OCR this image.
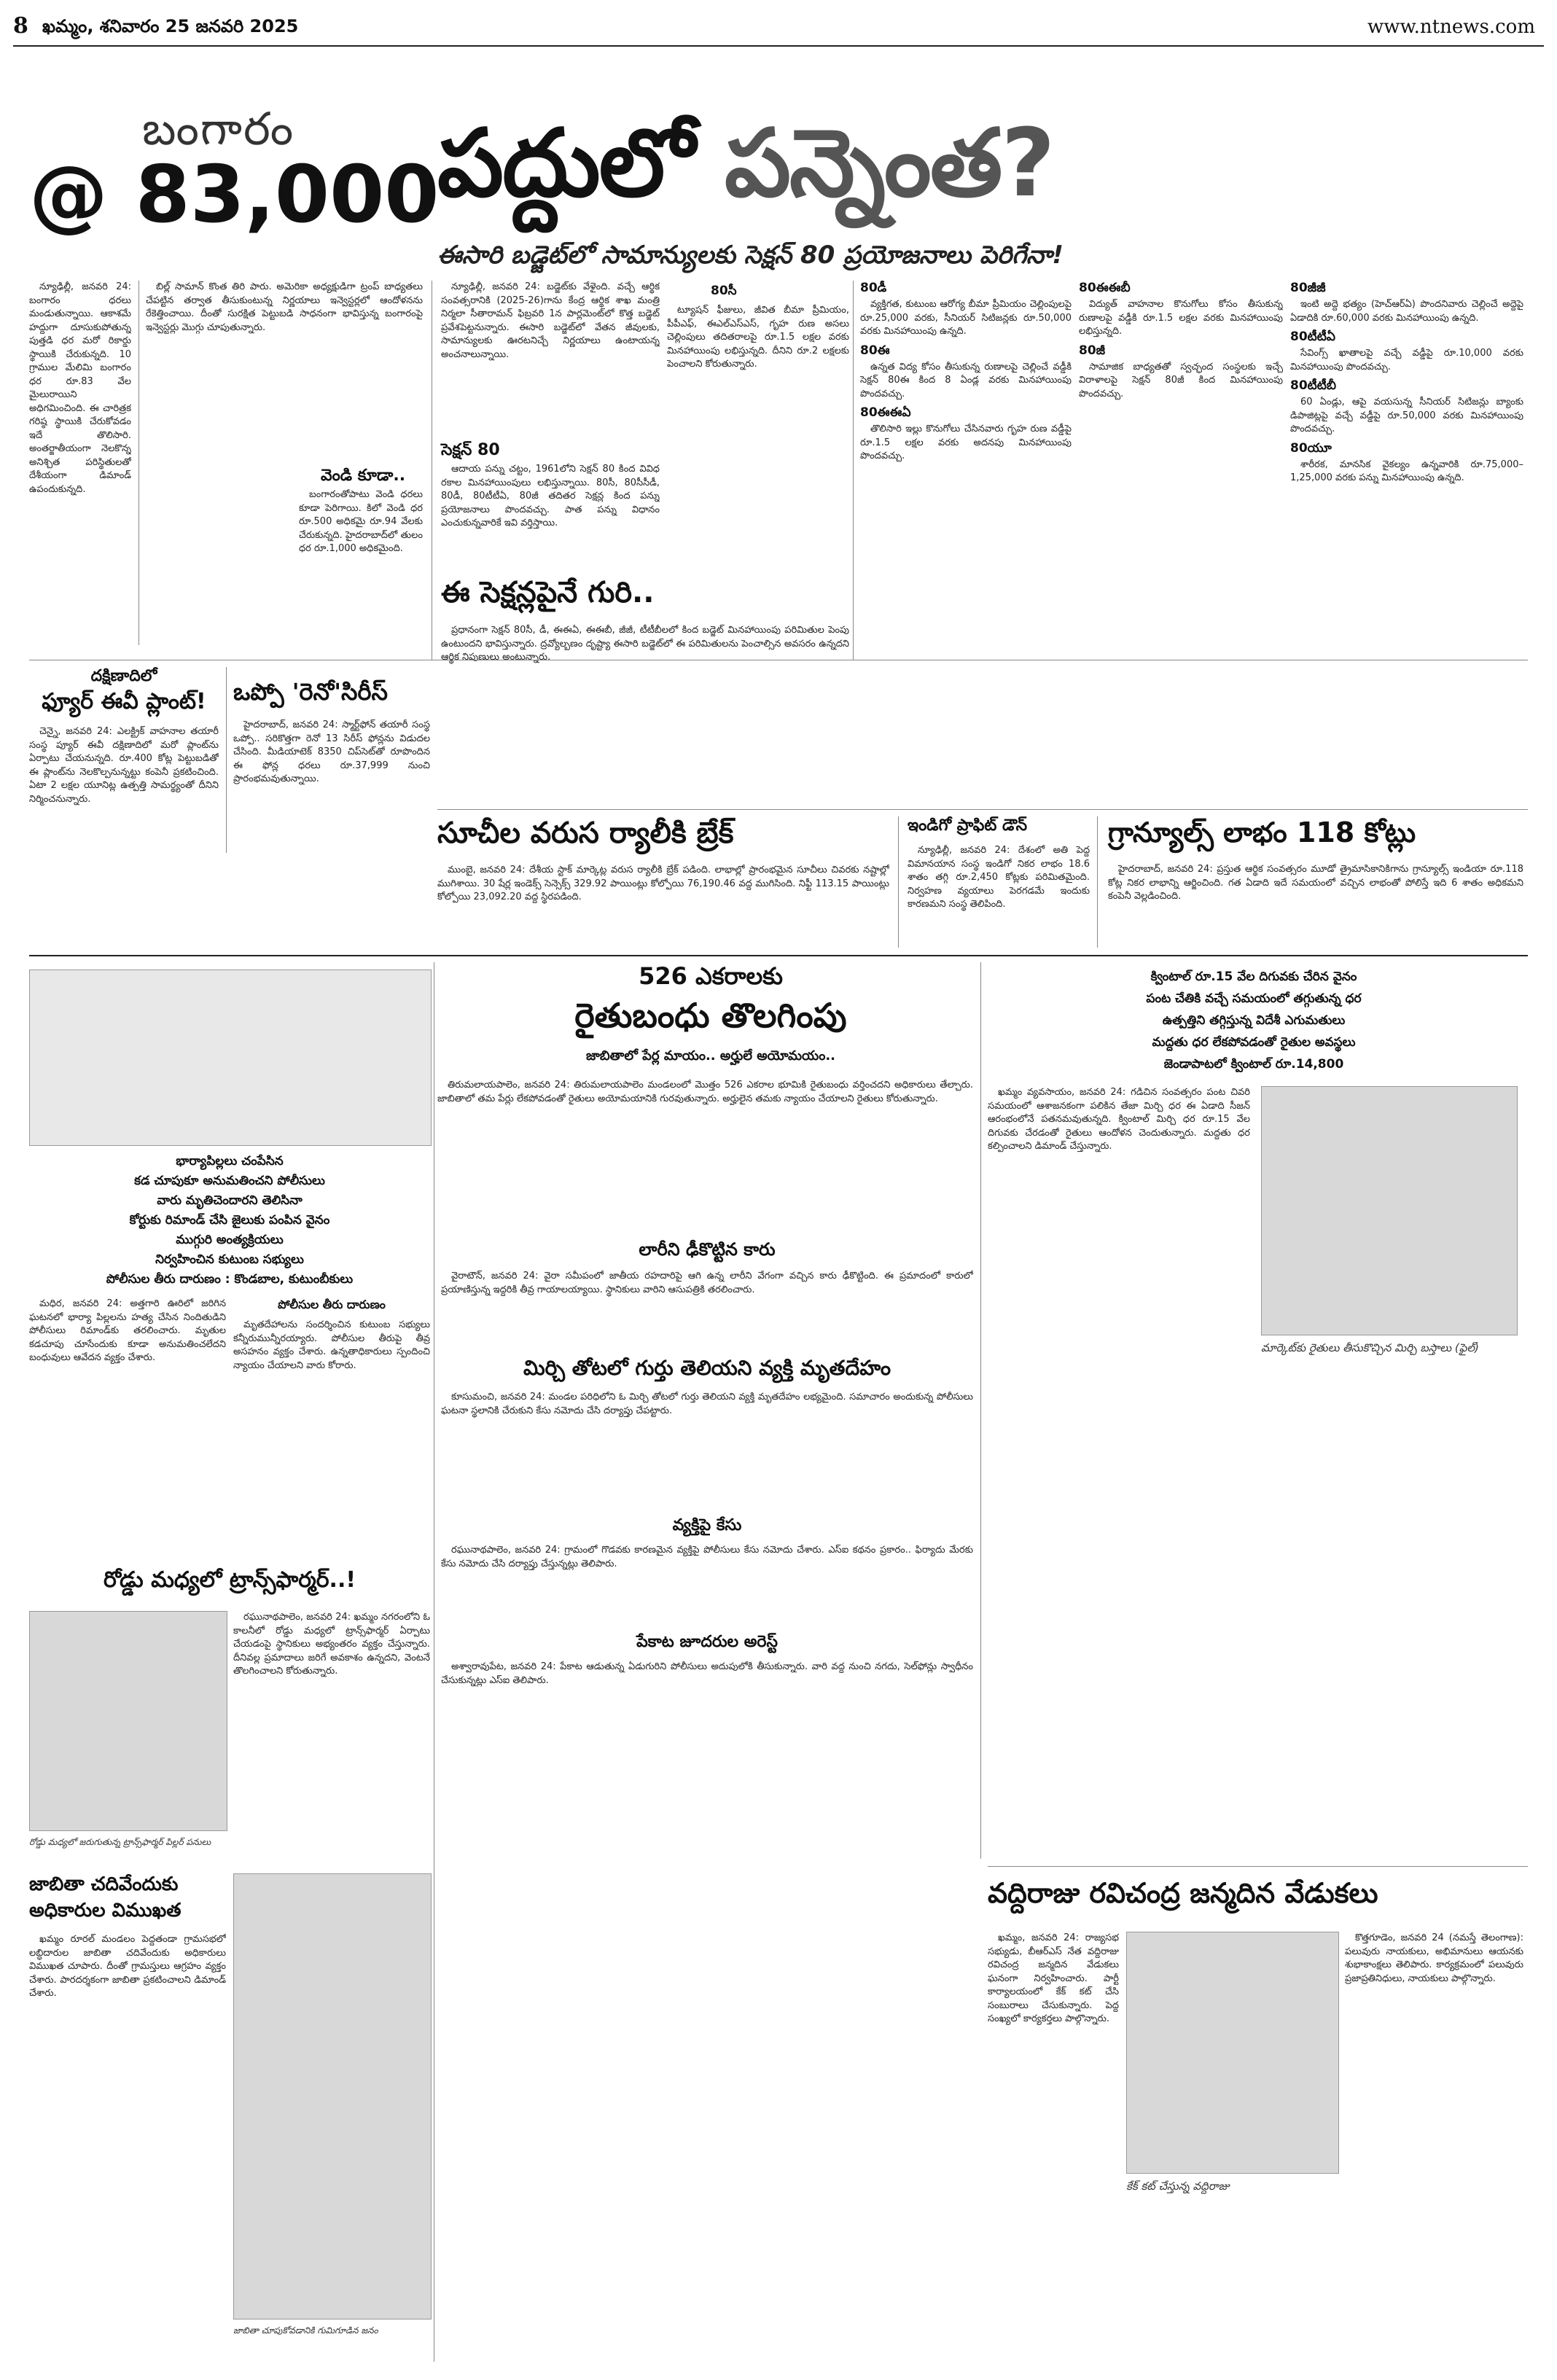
8 ఖమ్మం, శనివారం 25 జనవరి 2025	www.ntnews.com
బంగారం
@ 83,000
పద్దులో పన్నెంత?
ఈసారి బడ్జెట్‌లో సామాన్యులకు సెక్షన్ 80 ప్రయోజనాలు పెరిగేనా!

న్యూఢిల్లీ, జనవరి 24: బంగారం ధరలు మండుతున్నాయి. ఆకాశమే హద్దుగా దూసుకుపోతున్న పుత్తడి ధర మరో రికార్డు స్థాయికి చేరుకున్నది. 10 గ్రాముల మేలిమి బంగారం ధర రూ.83 వేల మైలురాయిని అధిగమించింది. ఈ చారిత్రక గరిష్ఠ స్థాయికి చేరుకోవడం ఇదే తొలిసారి. అంతర్జాతీయంగా నెలకొన్న అనిశ్చిత పరిస్థితులతో దేశీయంగా డిమాండ్ ఉపందుకున్నది.

బిల్ల్‌ సామాన్ కొంత తిరి పారు. అమెరికా అధ్యక్షుడిగా ట్రంప్ బాధ్యతలు చేపట్టిన తర్వాత తీసుకుంటున్న నిర్ణయాలు ఇన్వెస్టర్లలో ఆందోళనను రేకెత్తించాయి. దీంతో సురక్షిత పెట్టుబడి సాధనంగా భావిస్తున్న బంగారంపై ఇన్వెస్టర్లు మొగ్గు చూపుతున్నారు.

వెండి కూడా..

బంగారంతోపాటు వెండి ధరలు కూడా పెరిగాయి. కిలో వెండి ధర రూ.500 అధికమై రూ.94 వేలకు చేరుకున్నది. హైదరాబాద్‌లో తులం ధర రూ.1,000 అధికమైంది.

న్యూఢిల్లీ, జనవరి 24: బడ్జెట్‌కు వేళైంది. వచ్చే ఆర్థిక సంవత్సరానికి (2025-26)గాను కేంద్ర ఆర్థిక శాఖ మంత్రి నిర్మలా సీతారామన్ ఫిబ్రవరి 1న పార్లమెంట్‌లో కొత్త బడ్జెట్ ప్రవేశపెట్టనున్నారు. ఈసారి బడ్జెట్‌లో వేతన జీవులకు, సామాన్యులకు ఊరటనిచ్చే నిర్ణయాలు ఉంటాయన్న అంచనాలున్నాయి.

సెక్షన్ 80

ఆదాయ పన్ను చట్టం, 1961లోని సెక్షన్ 80 కింద వివిధ రకాల మినహాయింపులు లభిస్తున్నాయి. 80సీ, 80సీసీడీ, 80డీ, 80టీటీఏ, 80జీ తదితర సెక్షన్ల కింద పన్ను ప్రయోజనాలు పొందవచ్చు. పాత పన్ను విధానం ఎంచుకున్నవారికే ఇవి వర్తిస్తాయి.

80సీ

ట్యూషన్ ఫీజులు, జీవిత బీమా ప్రీమియం, పీపీఎఫ్, ఈఎల్‌ఎస్‌ఎస్, గృహ రుణ అసలు చెల్లింపులు తదితరాలపై రూ.1.5 లక్షల వరకు మినహాయింపు లభిస్తున్నది. దీనిని రూ.2 లక్షలకు పెంచాలని కోరుతున్నారు.

ఈ సెక్షన్లపైనే గురి..

ప్రధానంగా సెక్షన్ 80సీ, డీ, ఈఈఏ, ఈఈబీ, జీజీ, టీటీబీలలో కింద బడ్జెట్ మినహాయింపు పరిమితుల పెంపు ఉంటుందని భావిస్తున్నారు. ద్రవ్యోల్బణం దృష్ట్యా ఈసారి బడ్జెట్‌లో ఈ పరిమితులను పెంచాల్సిన అవసరం ఉన్నదని ఆర్థిక నిపుణులు అంటున్నారు.

80డీ

వ్యక్తిగత, కుటుంబ ఆరోగ్య బీమా ప్రీమియం చెల్లింపులపై రూ.25,000 వరకు, సీనియర్ సిటిజన్లకు రూ.50,000 వరకు మినహాయింపు ఉన్నది.

80ఈ

ఉన్నత విద్య కోసం తీసుకున్న రుణాలపై చెల్లించే వడ్డీకి సెక్షన్ 80ఈ కింద 8 ఏండ్ల వరకు మినహాయింపు పొందవచ్చు.

80ఈఈఏ

తొలిసారి ఇల్లు కొనుగోలు చేసినవారు గృహ రుణ వడ్డీపై రూ.1.5 లక్షల వరకు అదనపు మినహాయింపు పొందవచ్చు.

80ఈఈబీ

విద్యుత్ వాహనాల కొనుగోలు కోసం తీసుకున్న రుణాలపై వడ్డీకి రూ.1.5 లక్షల వరకు మినహాయింపు లభిస్తున్నది.

80జీ

సామాజిక బాధ్యతతో స్వచ్ఛంద సంస్థలకు ఇచ్చే విరాళాలపై సెక్షన్ 80జీ కింద మినహాయింపు పొందవచ్చు.

80జీజీ

ఇంటి అద్దె భత్యం (హెచ్‌ఆర్‌ఏ) పొందనివారు చెల్లించే అద్దెపై ఏడాదికి రూ.60,000 వరకు మినహాయింపు ఉన్నది.

80టీటీఏ

సేవింగ్స్ ఖాతాలపై వచ్చే వడ్డీపై రూ.10,000 వరకు మినహాయింపు పొందవచ్చు.

80టీటీబీ

60 ఏండ్లు, ఆపై వయసున్న సీనియర్ సిటిజన్లు బ్యాంకు డిపాజిట్లపై వచ్చే వడ్డీపై రూ.50,000 వరకు మినహాయింపు పొందవచ్చు.

80యూ

శారీరక, మానసిక వైకల్యం ఉన్నవారికి రూ.75,000–1,25,000 వరకు పన్ను మినహాయింపు ఉన్నది.

దక్షిణాదిలో
ఫ్యూర్ ఈవీ ప్లాంట్!

చెన్నై, జనవరి 24: ఎలక్ట్రిక్ వాహనాల తయారీ సంస్థ ప్యూర్ ఈవీ దక్షిణాదిలో మరో ప్లాంట్‌ను ఏర్పాటు చేయనున్నది. రూ.400 కోట్ల పెట్టుబడితో ఈ ప్లాంట్‌ను నెలకొల్పనున్నట్టు కంపెనీ ప్రకటించింది. ఏటా 2 లక్షల యూనిట్ల ఉత్పత్తి సామర్థ్యంతో దీనిని నిర్మించనున్నారు.

ఒప్పో 'రెనో'సిరీస్

హైదరాబాద్, జనవరి 24: స్మార్ట్‌ఫోన్ తయారీ సంస్థ ఒప్పో.. సరికొత్తగా రెనో 13 సిరీస్ ఫోన్లను విడుదల చేసింది. మీడియాటెక్ 8350 చిప్‌సెట్‌తో రూపొందిన ఈ ఫోన్ల ధరలు రూ.37,999 నుంచి ప్రారంభమవుతున్నాయి.

సూచీల వరుస ర్యాలీకి బ్రేక్

ముంబై, జనవరి 24: దేశీయ స్టాక్ మార్కెట్ల వరుస ర్యాలీకి బ్రేక్ పడింది. లాభాల్లో ప్రారంభమైన సూచీలు చివరకు నష్టాల్లో ముగిశాయి. 30 షేర్ల ఇండెక్స్ సెన్సెక్స్ 329.92 పాయింట్లు కోల్పోయి 76,190.46 వద్ద ముగిసింది. నిఫ్టీ 113.15 పాయింట్లు కోల్పోయి 23,092.20 వద్ద స్థిరపడింది.

ఇండిగో ప్రాఫిట్ డౌన్

న్యూఢిల్లీ, జనవరి 24: దేశంలో అతి పెద్ద విమానయాన సంస్థ ఇండిగో నికర లాభం 18.6 శాతం తగ్గి రూ.2,450 కోట్లకు పరిమితమైంది. నిర్వహణ వ్యయాలు పెరగడమే ఇందుకు కారణమని సంస్థ తెలిపింది.

గ్రాన్యూల్స్ లాభం 118 కోట్లు

హైదరాబాద్, జనవరి 24: ప్రస్తుత ఆర్థిక సంవత్సరం మూడో త్రైమాసికానికిగాను గ్రాన్యూల్స్ ఇండియా రూ.118 కోట్ల నికర లాభాన్ని ఆర్జించింది. గత ఏడాది ఇదే సమయంలో వచ్చిన లాభంతో పోలిస్తే ఇది 6 శాతం అధికమని కంపెనీ వెల్లడించింది.

526 ఎకరాలకు
రైతుబంధు తొలగింపు
జాబితాలో పేర్ల మాయం.. అర్హులే అయోమయం..

తిరుమలాయపాలెం, జనవరి 24: తిరుమలాయపాలెం మండలంలో మొత్తం 526 ఎకరాల భూమికి రైతుబంధు వర్తించదని అధికారులు తేల్చారు. జాబితాలో తమ పేర్లు లేకపోవడంతో రైతులు అయోమయానికి గురవుతున్నారు. అర్హులైన తమకు న్యాయం చేయాలని రైతులు కోరుతున్నారు.

క్వింటాల్ రూ.15 వేల దిగువకు చేరిన వైనం
పంట చేతికి వచ్చే సమయంలో తగ్గుతున్న ధర
ఉత్పత్తిని తగ్గిస్తున్న విదేశీ ఎగుమతులు
మద్దతు ధర లేకపోవడంతో రైతుల అవస్థలు
జెండాపాటలో క్వింటాల్ రూ.14,800
మార్కెట్‌కు రైతులు తీసుకొచ్చిన మిర్చి బస్తాలు (ఫైల్)

ఖమ్మం వ్యవసాయం, జనవరి 24: గడిచిన సంవత్సరం పంట చివరి సమయంలో ఆశాజనకంగా పలికిన తేజా మిర్చి ధర ఈ ఏడాది సీజన్ ఆరంభంలోనే పతనమవుతున్నది. క్వింటాల్ మిర్చి ధర రూ.15 వేల దిగువకు చేరడంతో రైతులు ఆందోళన చెందుతున్నారు. మద్దతు ధర కల్పించాలని డిమాండ్ చేస్తున్నారు.

భార్యాపిల్లలు చంపేసిన
కడ చూపుకూ అనుమతించని పోలీసులు
వారు మృతిచెందారని తెలిసినా
కోర్టుకు రిమాండ్ చేసి జైలుకు పంపిన వైనం
ముగ్గురి అంత్యక్రియలు
నిర్వహించిన కుటుంబ సభ్యులు
పోలీసుల తీరు దారుణం : కొండబాల, కుటుంబీకులు

మధిర, జనవరి 24: అత్తగారి ఊరిలో జరిగిన ఘటనలో భార్యా పిల్లలను హత్య చేసిన నిందితుడిని పోలీసులు రిమాండ్‌కు తరలించారు. మృతుల కడచూపు చూసేందుకు కూడా అనుమతించలేదని బంధువులు ఆవేదన వ్యక్తం చేశారు.

పోలీసుల తీరు దారుణం

మృతదేహాలను సందర్శించిన కుటుంబ సభ్యులు కన్నీరుమున్నీరయ్యారు. పోలీసుల తీరుపై తీవ్ర అసహనం వ్యక్తం చేశారు. ఉన్నతాధికారులు స్పందించి న్యాయం చేయాలని వారు కోరారు.

లారీని ఢీకొట్టిన కారు

వైరాటౌన్, జనవరి 24: వైరా సమీపంలో జాతీయ రహదారిపై ఆగి ఉన్న లారీని వేగంగా వచ్చిన కారు ఢీకొట్టింది. ఈ ప్రమాదంలో కారులో ప్రయాణిస్తున్న ఇద్దరికి తీవ్ర గాయాలయ్యాయి. స్థానికులు వారిని ఆసుపత్రికి తరలించారు.

మిర్చి తోటలో గుర్తు తెలియని వ్యక్తి మృతదేహం

కూసుమంచి, జనవరి 24: మండల పరిధిలోని ఓ మిర్చి తోటలో గుర్తు తెలియని వ్యక్తి మృతదేహం లభ్యమైంది. సమాచారం అందుకున్న పోలీసులు ఘటనా స్థలానికి చేరుకుని కేసు నమోదు చేసి దర్యాప్తు చేపట్టారు.

వ్యక్తిపై కేసు

రఘునాథపాలెం, జనవరి 24: గ్రామంలో గొడవకు కారణమైన వ్యక్తిపై పోలీసులు కేసు నమోదు చేశారు. ఎస్‌ఐ కథనం ప్రకారం.. ఫిర్యాదు మేరకు కేసు నమోదు చేసి దర్యాప్తు చేస్తున్నట్లు తెలిపారు.

పేకాట జూదరుల అరెస్ట్

అశ్వారావుపేట, జనవరి 24: పేకాట ఆడుతున్న ఏడుగురిని పోలీసులు అదుపులోకి తీసుకున్నారు. వారి వద్ద నుంచి నగదు, సెల్‌ఫోన్లు స్వాధీనం చేసుకున్నట్లు ఎస్‌ఐ తెలిపారు.

రోడ్డు మధ్యలో ట్రాన్స్‌ఫార్మర్..!
రోడ్డు మధ్యలో జరుగుతున్న ట్రాన్స్‌ఫార్మర్ పిల్లర్ పనులు

రఘునాథపాలెం, జనవరి 24: ఖమ్మం నగరంలోని ఓ కాలనీలో రోడ్డు మధ్యలో ట్రాన్స్‌ఫార్మర్ ఏర్పాటు చేయడంపై స్థానికులు అభ్యంతరం వ్యక్తం చేస్తున్నారు. దీనివల్ల ప్రమాదాలు జరిగే అవకాశం ఉన్నదని, వెంటనే తొలగించాలని కోరుతున్నారు.

జాబితా చదివేందుకు
అధికారుల విముఖత

ఖమ్మం రూరల్ మండలం పెద్దతండా గ్రామసభలో లబ్ధిదారుల జాబితా చదివేందుకు అధికారులు విముఖత చూపారు. దీంతో గ్రామస్తులు ఆగ్రహం వ్యక్తం చేశారు. పారదర్శకంగా జాబితా ప్రకటించాలని డిమాండ్ చేశారు.

జాబితా చూపుకోవడానికి గుమిగూడిన జనం
వద్దిరాజు రవిచంద్ర జన్మదిన వేడుకలు

ఖమ్మం, జనవరి 24: రాజ్యసభ సభ్యుడు, బీఆర్‌ఎస్ నేత వద్దిరాజు రవిచంద్ర జన్మదిన వేడుకలు ఘనంగా నిర్వహించారు. పార్టీ కార్యాలయంలో కేక్ కట్ చేసి సంబురాలు చేసుకున్నారు. పెద్ద సంఖ్యలో కార్యకర్తలు పాల్గొన్నారు.

కేక్ కట్ చేస్తున్న వద్దిరాజు

కొత్తగూడెం, జనవరి 24 (నమస్తే తెలంగాణ): పలువురు నాయకులు, అభిమానులు ఆయనకు శుభాకాంక్షలు తెలిపారు. కార్యక్రమంలో పలువురు ప్రజాప్రతినిధులు, నాయకులు పాల్గొన్నారు.
